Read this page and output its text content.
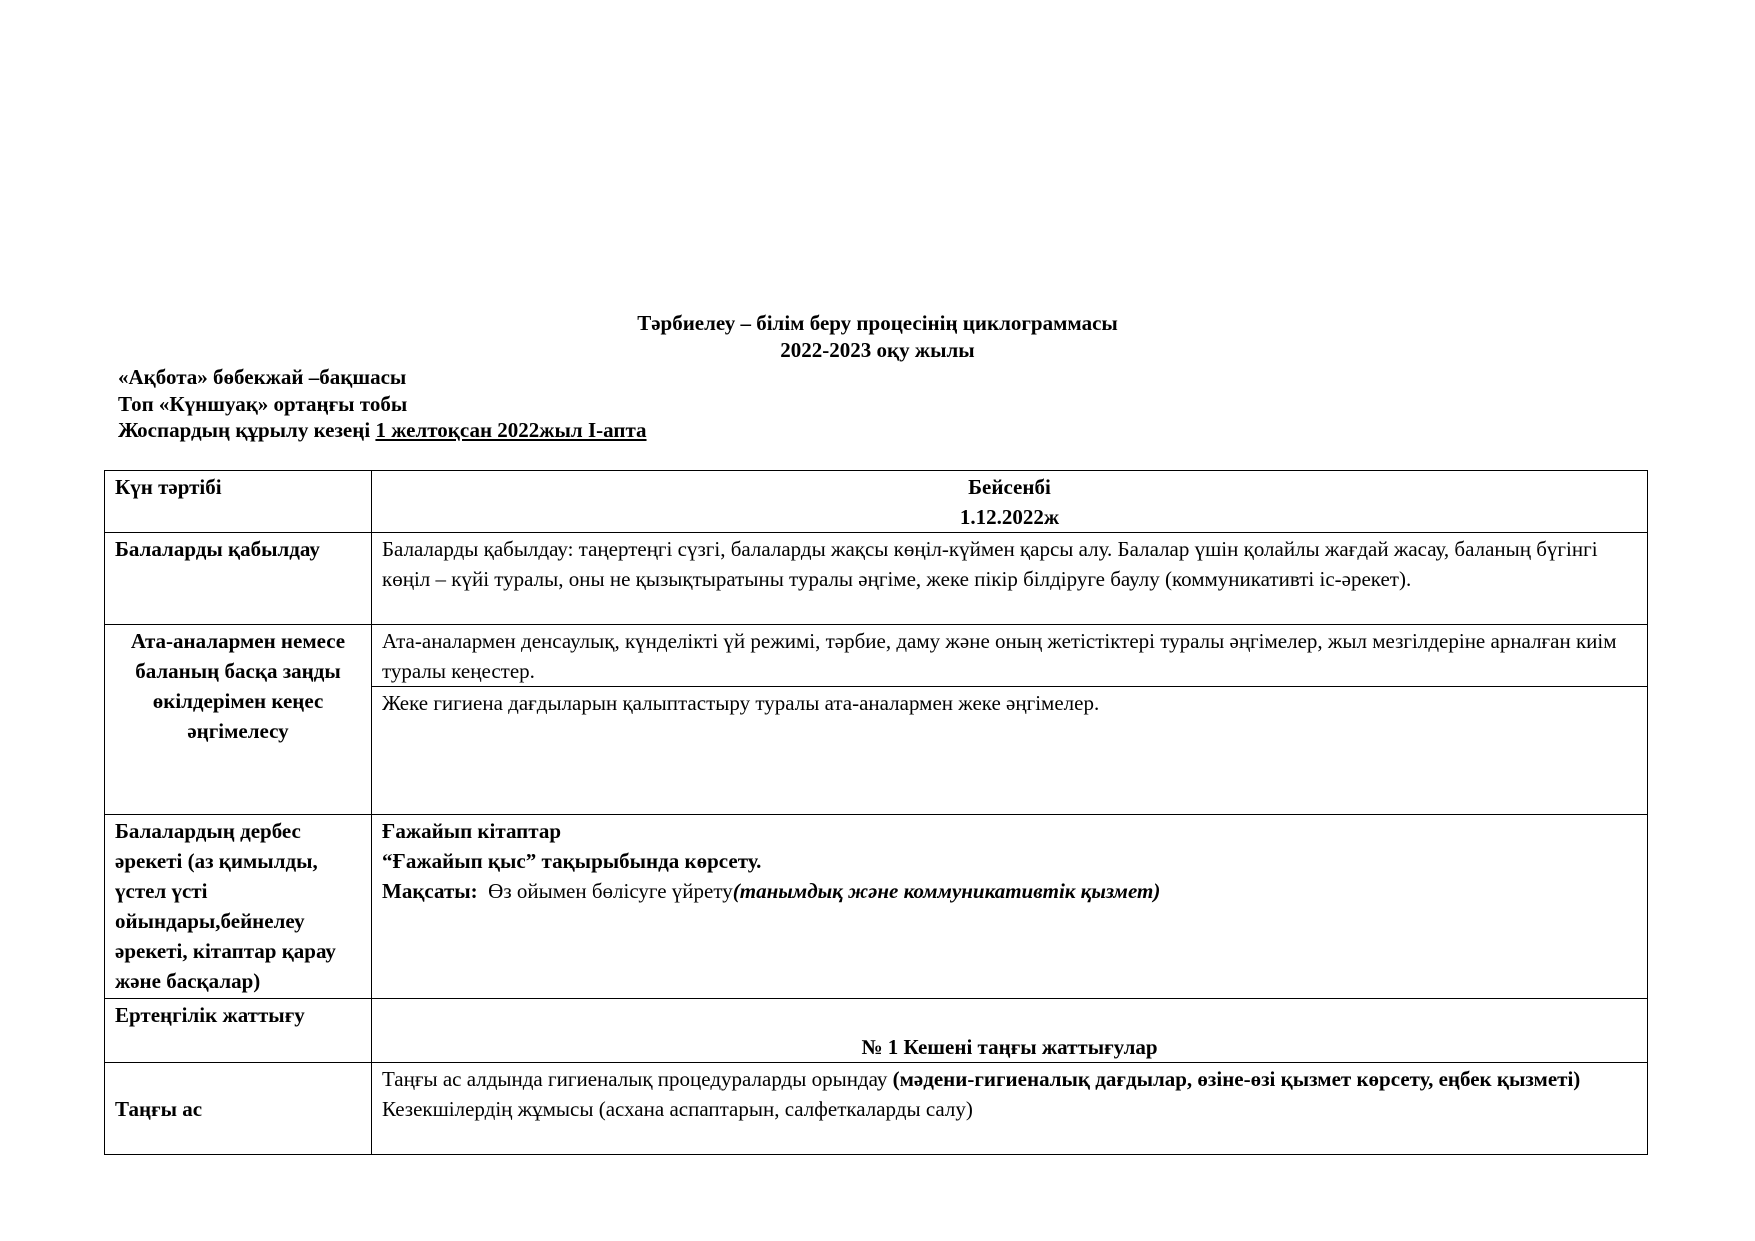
Тәрбиелеу – білім беру процесінің циклограммасы
2022-2023 оқу жылы
«Ақбота» бөбекжай –бақшасы
Топ «Күншуақ» ортаңғы тобы
Жоспардың құрылу кезеңі 1 желтоқсан 2022жыл І-апта
Күн тәртібі	Бейсенбі
1.12.2022ж

Балаларды қабылдау	Балаларды қабылдау: таңертеңгі сүзгі, балаларды жақсы көңіл-күймен қарсы алу. Балалар үшін қолайлы жағдай жасау, баланың бүгінгі көңіл – күйі туралы, оны не қызықтыратыны туралы әңгіме, жеке пікір білдіруге баулу (коммуникативті іс-әрекет).
Ата-аналармен немесе баланың басқа заңды өкілдерімен кеңес әңгімелесу	Ата-аналармен денсаулық, күнделікті үй режимі, тәрбие, даму және оның жетістіктері туралы әңгімелер, жыл мезгілдеріне арналған киім туралы кеңестер.
	Жеке гигиена дағдыларын қалыптастыру туралы ата-аналармен жеке әңгімелер.
Балалардың дербес әрекеті (аз қимылды, үстел үсті ойындары,бейнелеу әрекеті, кітаптар қарау және басқалар)	Ғажайып кітаптар
“Ғажайып қыс” тақырыбында көрсету.
Мақсаты:  Өз ойымен бөлісуге үйрету(танымдық және коммуникативтік қызмет)

Ертеңгілік жаттығу	№ 1 Кешені таңғы жаттығулар
Таңғы ас	Таңғы ас алдында гигиеналық процедураларды орындау (мәдени-гигиеналық дағдылар, өзіне-өзі қызмет көрсету, еңбек қызметі)
Кезекшілердің жұмысы (асхана аспаптарын, салфеткаларды салу)
